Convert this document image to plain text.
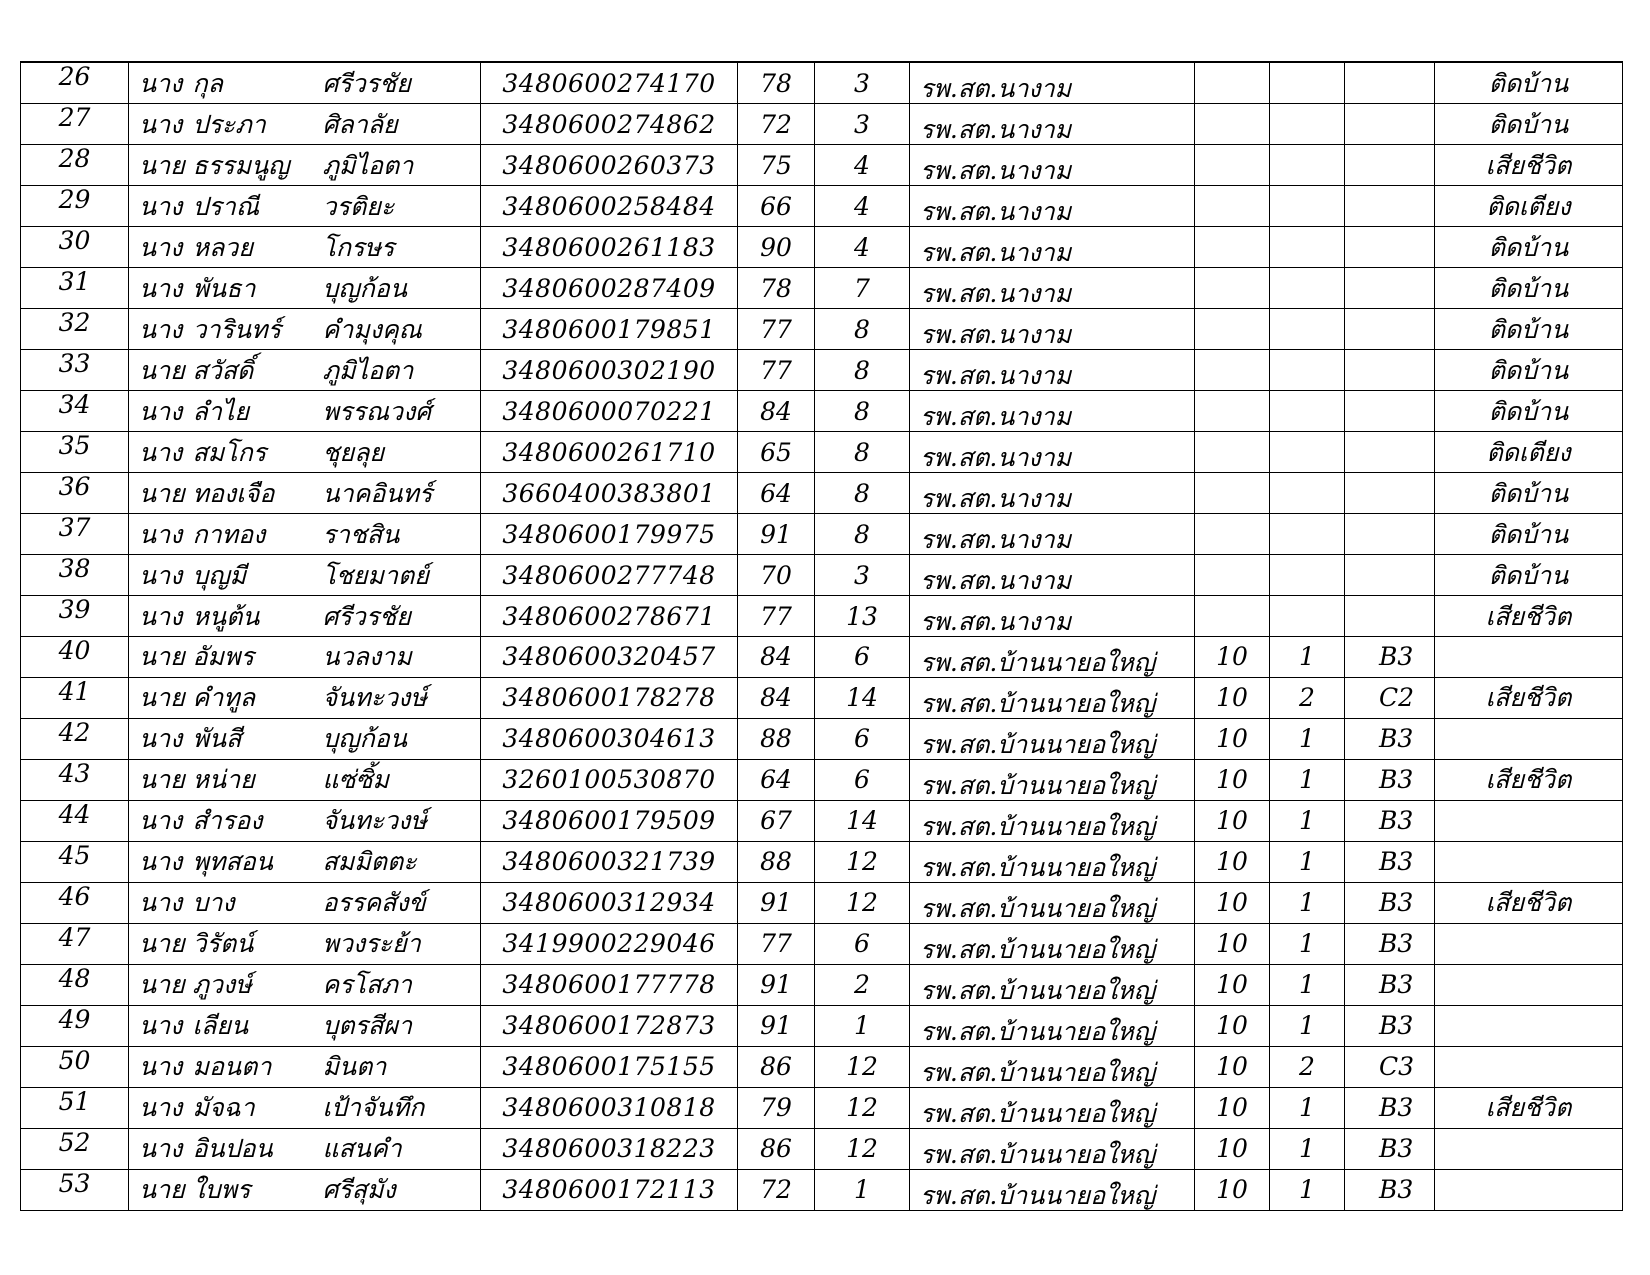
26	นาง	กุล	ศรีวรชัย	3480600274170	78	3	รพ.สต.นางาม				ติดบ้าน
27	นาง	ประภา	ศิลาลัย	3480600274862	72	3	รพ.สต.นางาม				ติดบ้าน
28	นาย	ธรรมนูญ	ภูมิไอตา	3480600260373	75	4	รพ.สต.นางาม				เสียชีวิต
29	นาง	ปราณี	วรติยะ	3480600258484	66	4	รพ.สต.นางาม				ติดเตียง
30	นาง	หลวย	โกรษร	3480600261183	90	4	รพ.สต.นางาม				ติดบ้าน
31	นาง	พันธา	บุญก้อน	3480600287409	78	7	รพ.สต.นางาม				ติดบ้าน
32	นาง	วารินทร์	คำมุงคุณ	3480600179851	77	8	รพ.สต.นางาม				ติดบ้าน
33	นาย	สวัสดิ์	ภูมิไอตา	3480600302190	77	8	รพ.สต.นางาม				ติดบ้าน
34	นาง	ลำไย	พรรณวงศ์	3480600070221	84	8	รพ.สต.นางาม				ติดบ้าน
35	นาง	สมโกร	ชุยลุย	3480600261710	65	8	รพ.สต.นางาม				ติดเตียง
36	นาย	ทองเจือ	นาคอินทร์	3660400383801	64	8	รพ.สต.นางาม				ติดบ้าน
37	นาง	กาทอง	ราชสิน	3480600179975	91	8	รพ.สต.นางาม				ติดบ้าน
38	นาง	บุญมี	โชยมาตย์	3480600277748	70	3	รพ.สต.นางาม				ติดบ้าน
39	นาง	หนูต้น	ศรีวรชัย	3480600278671	77	13	รพ.สต.นางาม				เสียชีวิต
40	นาย	อัมพร	นวลงาม	3480600320457	84	6	รพ.สต.บ้านนายอใหญ่	10	1	B3	
41	นาย	คำทูล	จันทะวงษ์	3480600178278	84	14	รพ.สต.บ้านนายอใหญ่	10	2	C2	เสียชีวิต
42	นาง	พันสี	บุญก้อน	3480600304613	88	6	รพ.สต.บ้านนายอใหญ่	10	1	B3	
43	นาย	หน่าย	แซ่ซิ้ม	3260100530870	64	6	รพ.สต.บ้านนายอใหญ่	10	1	B3	เสียชีวิต
44	นาง	สำรอง	จันทะวงษ์	3480600179509	67	14	รพ.สต.บ้านนายอใหญ่	10	1	B3	
45	นาง	พุทสอน	สมมิตตะ	3480600321739	88	12	รพ.สต.บ้านนายอใหญ่	10	1	B3	
46	นาง	บาง	อรรคสังข์	3480600312934	91	12	รพ.สต.บ้านนายอใหญ่	10	1	B3	เสียชีวิต
47	นาย	วิรัตน์	พวงระย้า	3419900229046	77	6	รพ.สต.บ้านนายอใหญ่	10	1	B3	
48	นาย	ภูวงษ์	ครโสภา	3480600177778	91	2	รพ.สต.บ้านนายอใหญ่	10	1	B3	
49	นาง	เลียน	บุตรสีผา	3480600172873	91	1	รพ.สต.บ้านนายอใหญ่	10	1	B3	
50	นาง	มอนตา	มินตา	3480600175155	86	12	รพ.สต.บ้านนายอใหญ่	10	2	C3	
51	นาง	มัจฉา	เป้าจันทึก	3480600310818	79	12	รพ.สต.บ้านนายอใหญ่	10	1	B3	เสียชีวิต
52	นาง	อินปอน	แสนคำ	3480600318223	86	12	รพ.สต.บ้านนายอใหญ่	10	1	B3	
53	นาย	ใบพร	ศรีสุมัง	3480600172113	72	1	รพ.สต.บ้านนายอใหญ่	10	1	B3	
